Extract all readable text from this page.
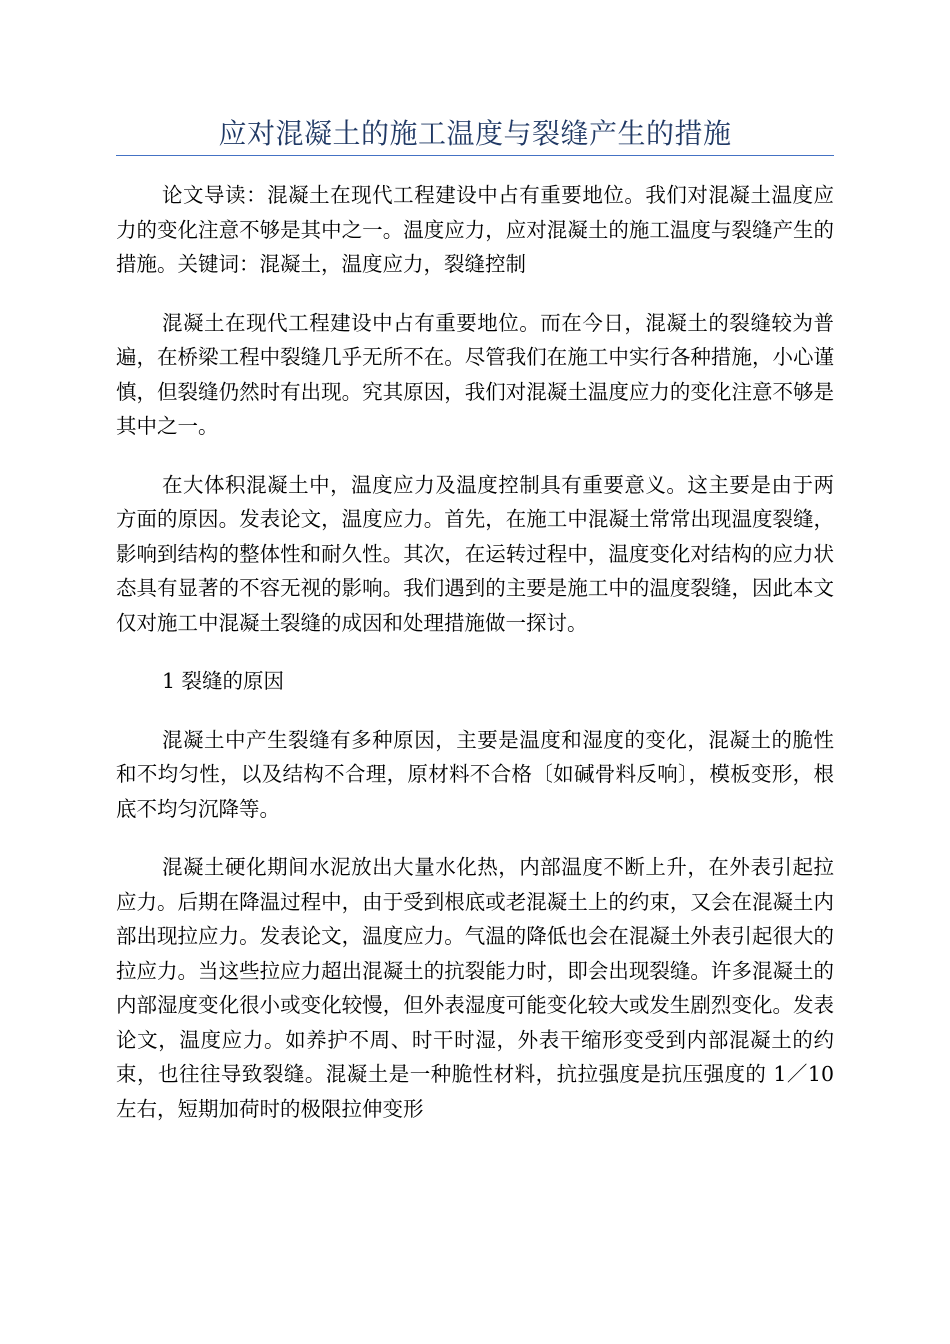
应对混凝土的施工温度与裂缝产生的措施

论文导读：混凝土在现代工程建设中占有重要地位。我们对混凝土温度应力的变化注意不够是其中之一。温度应力，应对混凝土的施工温度与裂缝产生的措施。关键词：混凝土，温度应力，裂缝控制

混凝土在现代工程建设中占有重要地位。而在今日，混凝土的裂缝较为普遍，在桥梁工程中裂缝几乎无所不在。尽管我们在施工中实行各种措施，小心谨慎，但裂缝仍然时有出现。究其原因，我们对混凝土温度应力的变化注意不够是其中之一。

在大体积混凝土中，温度应力及温度控制具有重要意义。这主要是由于两方面的原因。发表论文，温度应力。首先，在施工中混凝土常常出现温度裂缝，影响到结构的整体性和耐久性。其次，在运转过程中，温度变化对结构的应力状态具有显著的不容无视的影响。我们遇到的主要是施工中的温度裂缝，因此本文仅对施工中混凝土裂缝的成因和处理措施做一探讨。

1 裂缝的原因

混凝土中产生裂缝有多种原因，主要是温度和湿度的变化，混凝土的脆性和不均匀性，以及结构不合理，原材料不合格〔如碱骨料反响〕，模板变形，根底不均匀沉降等。

混凝土硬化期间水泥放出大量水化热，内部温度不断上升，在外表引起拉应力。后期在降温过程中，由于受到根底或老混凝土上的约束，又会在混凝土内部出现拉应力。发表论文，温度应力。气温的降低也会在混凝土外表引起很大的拉应力。当这些拉应力超出混凝土的抗裂能力时，即会出现裂缝。许多混凝土的内部湿度变化很小或变化较慢，但外表湿度可能变化较大或发生剧烈变化。发表论文，温度应力。如养护不周、时干时湿，外表干缩形变受到内部混凝土的约束，也往往导致裂缝。混凝土是一种脆性材料，抗拉强度是抗压强度的 1／10 左右，短期加荷时的极限拉伸变形
